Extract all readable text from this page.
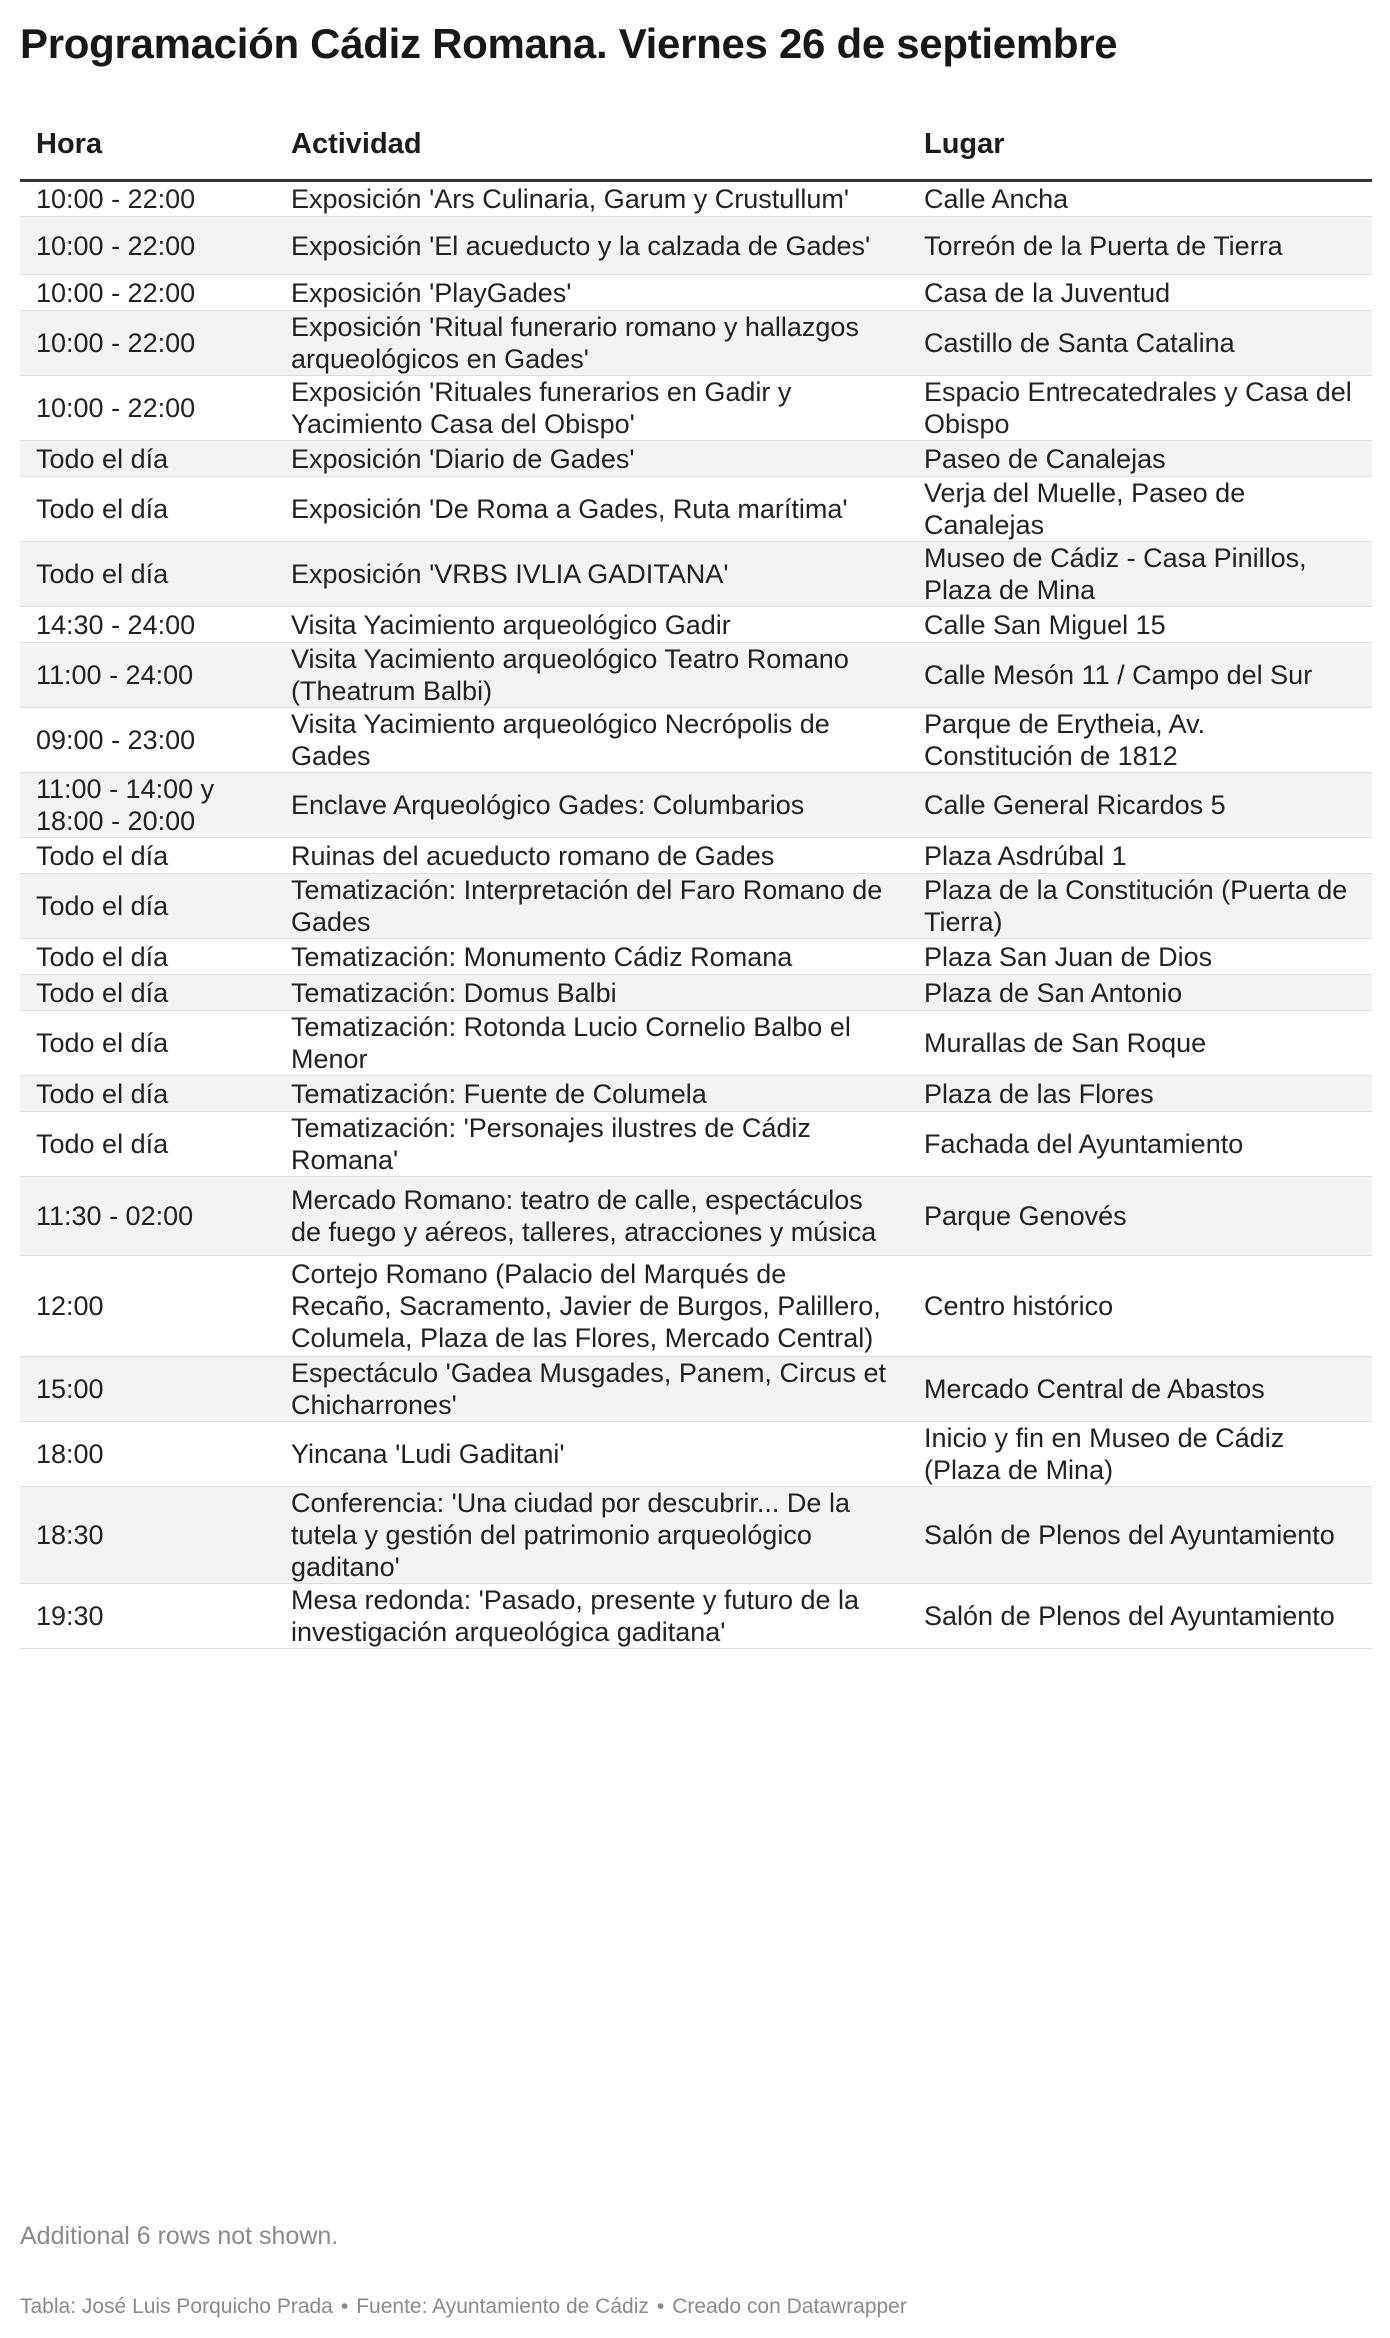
Programación Cádiz Romana. Viernes 26 de septiembre
Hora	Actividad	Lugar
10:00 - 22:00	Exposición 'Ars Culinaria, Garum y Crustullum'	Calle Ancha
10:00 - 22:00	Exposición 'El acueducto y la calzada de Gades'	Torreón de la Puerta de Tierra
10:00 - 22:00	Exposición 'PlayGades'	Casa de la Juventud
10:00 - 22:00	Exposición 'Ritual funerario romano y hallazgos arqueológicos en Gades'	Castillo de Santa Catalina
10:00 - 22:00	Exposición 'Rituales funerarios en Gadir y Yacimiento Casa del Obispo'	Espacio Entrecatedrales y Casa del Obispo
Todo el día	Exposición 'Diario de Gades'	Paseo de Canalejas
Todo el día	Exposición 'De Roma a Gades, Ruta marítima'	Verja del Muelle, Paseo de Canalejas
Todo el día	Exposición 'VRBS IVLIA GADITANA'	Museo de Cádiz - Casa Pinillos, Plaza de Mina
14:30 - 24:00	Visita Yacimiento arqueológico Gadir	Calle San Miguel 15
11:00 - 24:00	Visita Yacimiento arqueológico Teatro Romano (Theatrum Balbi)	Calle Mesón 11 / Campo del Sur
09:00 - 23:00	Visita Yacimiento arqueológico Necrópolis de Gades	Parque de Erytheia, Av. Constitución de 1812
11:00 - 14:00 y 18:00 - 20:00	Enclave Arqueológico Gades: Columbarios	Calle General Ricardos 5
Todo el día	Ruinas del acueducto romano de Gades	Plaza Asdrúbal 1
Todo el día	Tematización: Interpretación del Faro Romano de Gades	Plaza de la Constitución (Puerta de Tierra)
Todo el día	Tematización: Monumento Cádiz Romana	Plaza San Juan de Dios
Todo el día	Tematización: Domus Balbi	Plaza de San Antonio
Todo el día	Tematización: Rotonda Lucio Cornelio Balbo el Menor	Murallas de San Roque
Todo el día	Tematización: Fuente de Columela	Plaza de las Flores
Todo el día	Tematización: 'Personajes ilustres de Cádiz Romana'	Fachada del Ayuntamiento
11:30 - 02:00	Mercado Romano: teatro de calle, espectáculos de fuego y aéreos, talleres, atracciones y música	Parque Genovés
12:00	Cortejo Romano (Palacio del Marqués de Recaño, Sacramento, Javier de Burgos, Palillero, Columela, Plaza de las Flores, Mercado Central)	Centro histórico
15:00	Espectáculo 'Gadea Musgades, Panem, Circus et Chicharrones'	Mercado Central de Abastos
18:00	Yincana 'Ludi Gaditani'	Inicio y fin en Museo de Cádiz (Plaza de Mina)
18:30	Conferencia: 'Una ciudad por descubrir... De la tutela y gestión del patrimonio arqueológico gaditano'	Salón de Plenos del Ayuntamiento
19:30	Mesa redonda: 'Pasado, presente y futuro de la investigación arqueológica gaditana'	Salón de Plenos del Ayuntamiento
Additional 6 rows not shown.
Tabla: José Luis Porquicho Prada • Fuente: Ayuntamiento de Cádiz • Creado con Datawrapper
